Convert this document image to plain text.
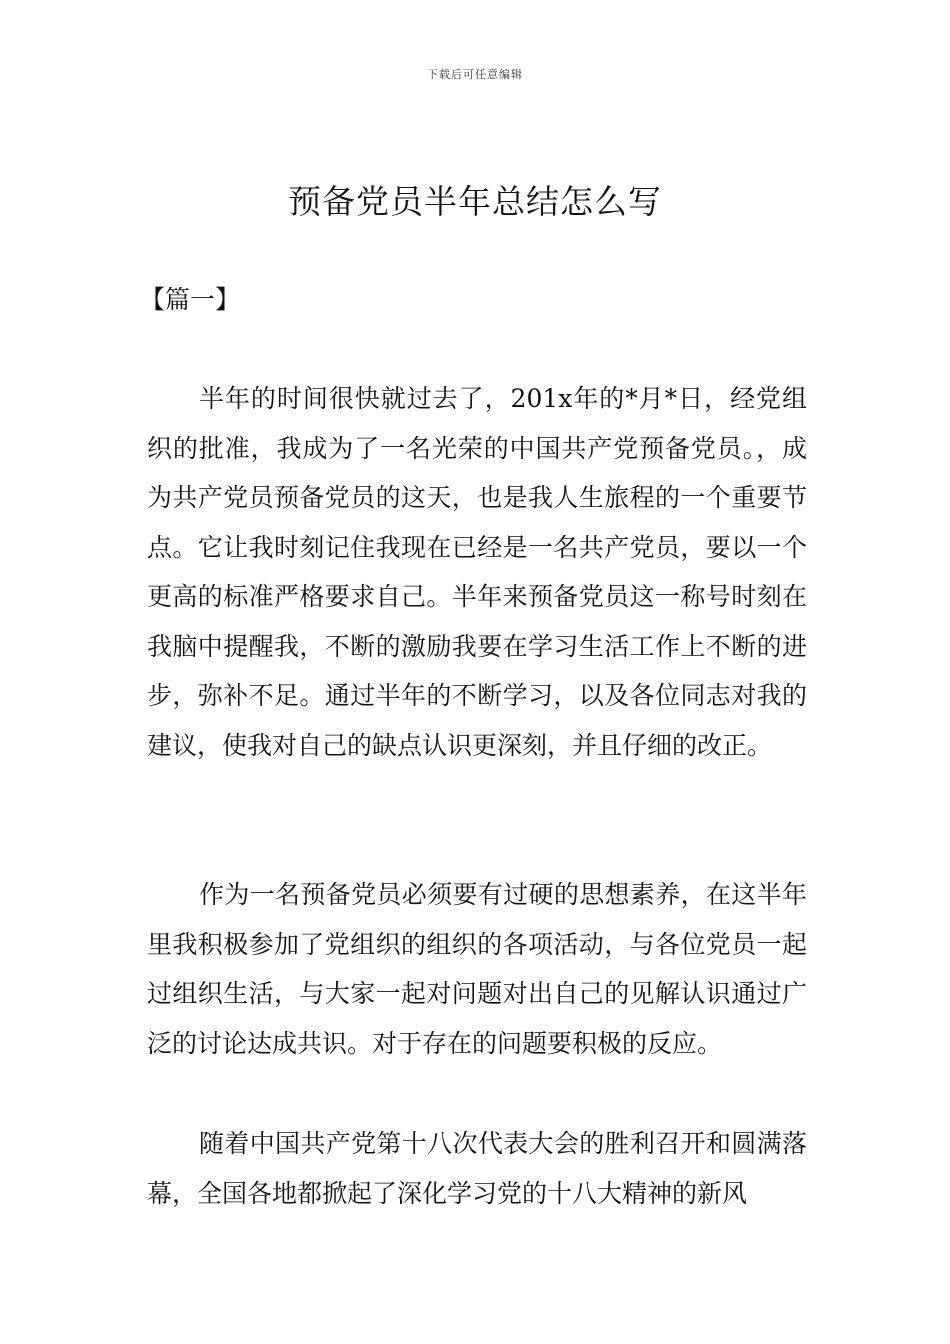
下载后可任意编辑
预备党员半年总结怎么写

【篇一】

半年的时间很快就过去了，201x年的*月*日，经党组织的批准，我成为了一名光荣的中国共产党预备党员。，成为共产党员预备党员的这天，也是我人生旅程的一个重要节点。它让我时刻记住我现在已经是一名共产党员，要以一个更高的标准严格要求自己。半年来预备党员这一称号时刻在我脑中提醒我，不断的激励我要在学习生活工作上不断的进步，弥补不足。通过半年的不断学习，以及各位同志对我的建议，使我对自己的缺点认识更深刻，并且仔细的改正。

作为一名预备党员必须要有过硬的思想素养，在这半年里我积极参加了党组织的组织的各项活动，与各位党员一起过组织生活，与大家一起对问题对出自己的见解认识通过广泛的讨论达成共识。对于存在的问题要积极的反应。

随着中国共产党第十八次代表大会的胜利召开和圆满落幕，全国各地都掀起了深化学习党的十八大精神的新风
